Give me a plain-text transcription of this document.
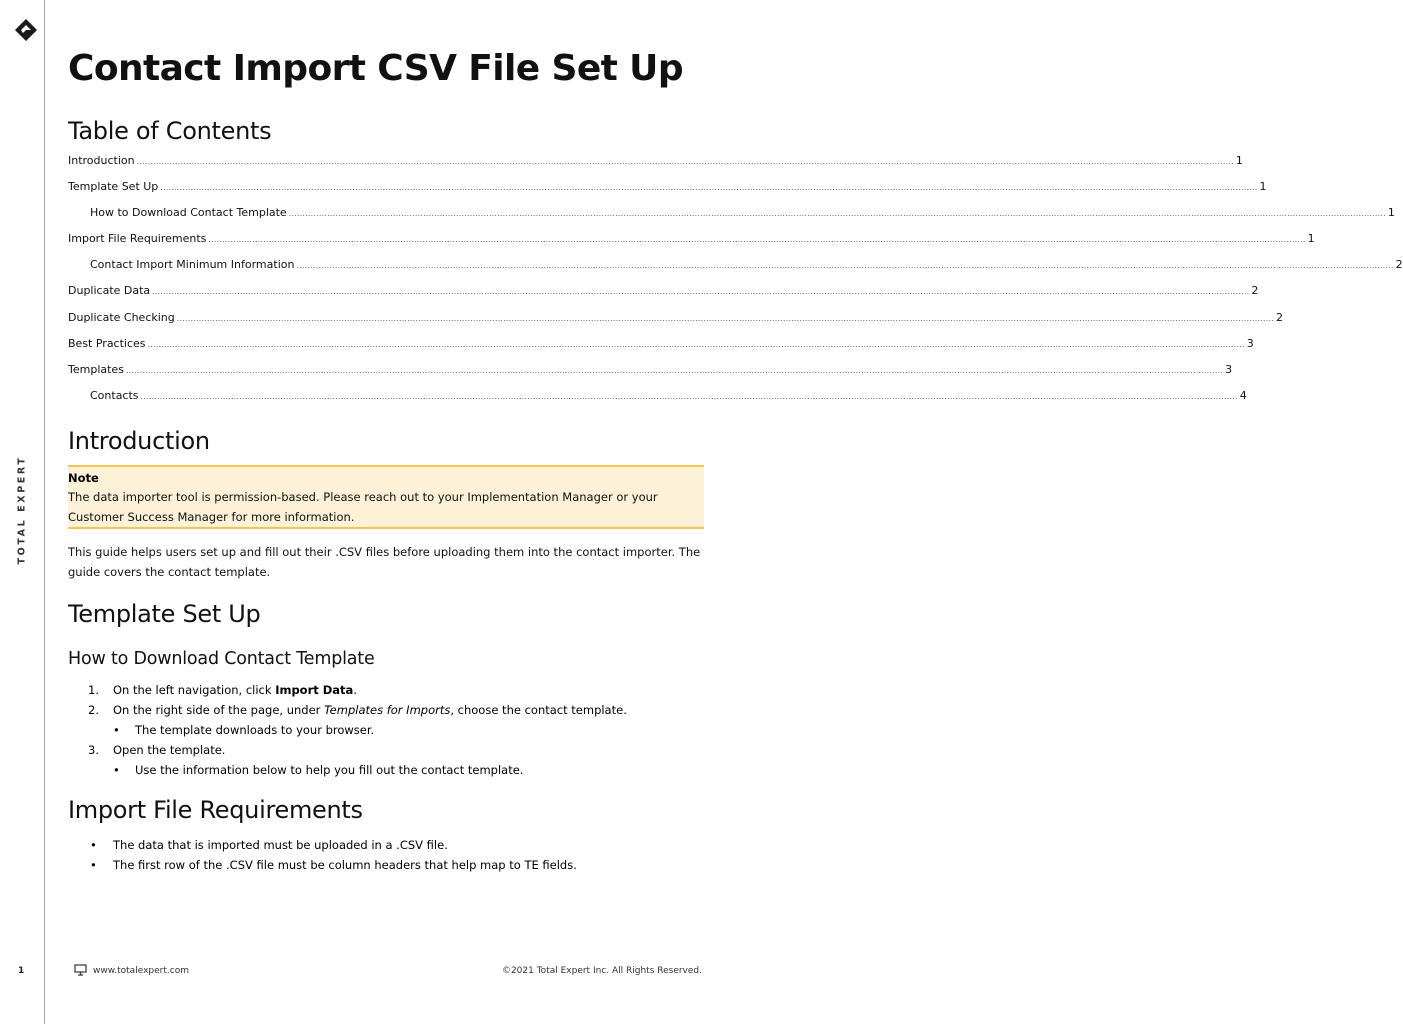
TOTAL EXPERT
1
Contact Import CSV File Set Up
Table of Contents
Introduction ................................................................................................................................................................................................................................................................................................................................................................................................................ 1
Template Set Up ................................................................................................................................................................................................................................................................................................................................................................................................................ 1
How to Download Contact Template ................................................................................................................................................................................................................................................................................................................................................................................................................ 1
Import File Requirements ................................................................................................................................................................................................................................................................................................................................................................................................................ 1
Contact Import Minimum Information ................................................................................................................................................................................................................................................................................................................................................................................................................ 2
Duplicate Data ................................................................................................................................................................................................................................................................................................................................................................................................................ 2
Duplicate Checking ................................................................................................................................................................................................................................................................................................................................................................................................................ 2
Best Practices ................................................................................................................................................................................................................................................................................................................................................................................................................ 3
Templates ................................................................................................................................................................................................................................................................................................................................................................................................................ 3
Contacts ................................................................................................................................................................................................................................................................................................................................................................................................................ 4
Introduction
Note
The data importer tool is permission-based. Please reach out to your Implementation Manager or your Customer Success Manager for more information.
This guide helps users set up and fill out their .CSV files before uploading them into the contact importer. The guide covers the contact template.
Template Set Up
How to Download Contact Template
1. On the left navigation, click Import Data.
2. On the right side of the page, under Templates for Imports, choose the contact template.
• The template downloads to your browser.
3. Open the template.
• Use the information below to help you fill out the contact template.
Import File Requirements
• The data that is imported must be uploaded in a .CSV file.
• The first row of the .CSV file must be column headers that help map to TE fields.
www.totalexpert.com	©2021 Total Expert Inc. All Rights Reserved.
